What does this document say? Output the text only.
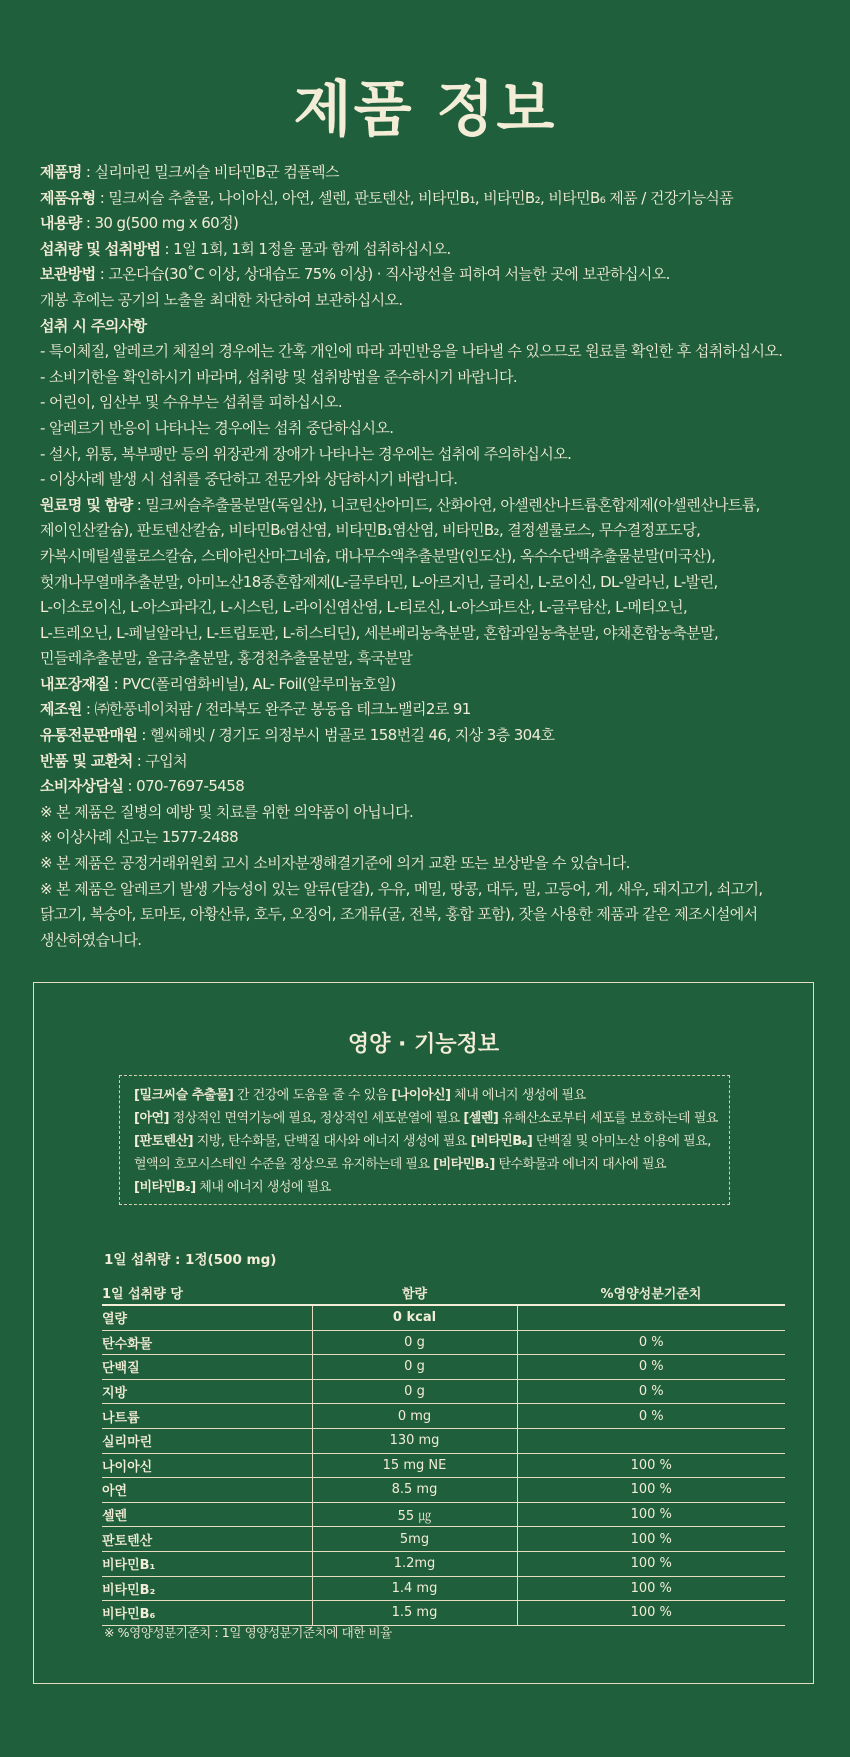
제품 정보
제품명 : 실리마린 밀크씨슬 비타민B군 컴플렉스
제품유형 : 밀크씨슬 추출물, 나이아신, 아연, 셀렌, 판토텐산, 비타민B₁, 비타민B₂, 비타민B₆ 제품 / 건강기능식품
내용량 : 30 g(500 mg x 60정)
섭취량 및 섭취방법 : 1일 1회, 1회 1정을 물과 함께 섭취하십시오.
보관방법 : 고온다습(30˚C 이상, 상대습도 75% 이상) · 직사광선을 피하여 서늘한 곳에 보관하십시오.
개봉 후에는 공기의 노출을 최대한 차단하여 보관하십시오.
섭취 시 주의사항
- 특이체질, 알레르기 체질의 경우에는 간혹 개인에 따라 과민반응을 나타낼 수 있으므로 원료를 확인한 후 섭취하십시오.
- 소비기한을 확인하시기 바라며, 섭취량 및 섭취방법을 준수하시기 바랍니다.
- 어린이, 임산부 및 수유부는 섭취를 피하십시오.
- 알레르기 반응이 나타나는 경우에는 섭취 중단하십시오.
- 설사, 위통, 복부팽만 등의 위장관계 장애가 나타나는 경우에는 섭취에 주의하십시오.
- 이상사례 발생 시 섭취를 중단하고 전문가와 상담하시기 바랍니다.
원료명 및 함량 : 밀크씨슬추출물분말(독일산), 니코틴산아미드, 산화아연, 아셀렌산나트륨혼합제제(아셀렌산나트륨,
제이인산칼슘), 판토텐산칼슘, 비타민B₆염산염, 비타민B₁염산염, 비타민B₂, 결정셀룰로스, 무수결정포도당,
카복시메틸셀룰로스칼슘, 스테아린산마그네슘, 대나무수액추출분말(인도산), 옥수수단백추출물분말(미국산),
헛개나무열매추출분말, 아미노산18종혼합제제(L-글루타민, L-아르지닌, 글리신, L-로이신, DL-알라닌, L-발린,
L-이소로이신, L-아스파라긴, L-시스틴, L-라이신염산염, L-티로신, L-아스파트산, L-글루탐산, L-메티오닌,
L-트레오닌, L-페닐알라닌, L-트립토판, L-히스티딘), 세븐베리농축분말, 혼합과일농축분말, 야채혼합농축분말,
민들레추출분말, 울금추출분말, 홍경천추출물분말, 흑국분말
내포장재질 : PVC(폴리염화비닐), AL- Foil(알루미늄호일)
제조원 : ㈜한풍네이처팜 / 전라북도 완주군 봉동읍 테크노밸리2로 91
유통전문판매원 : 헬씨해빗 / 경기도 의정부시 범골로 158번길 46, 지상 3층 304호
반품 및 교환처 : 구입처
소비자상담실 : 070-7697-5458
※ 본 제품은 질병의 예방 및 치료를 위한 의약품이 아닙니다.
※ 이상사례 신고는 1577-2488
※ 본 제품은 공정거래위원회 고시 소비자분쟁해결기준에 의거 교환 또는 보상받을 수 있습니다.
※ 본 제품은 알레르기 발생 가능성이 있는 알류(달걀), 우유, 메밀, 땅콩, 대두, 밀, 고등어, 게, 새우, 돼지고기, 쇠고기,
닭고기, 복숭아, 토마토, 아황산류, 호두, 오징어, 조개류(굴, 전복, 홍합 포함), 잣을 사용한 제품과 같은 제조시설에서
생산하였습니다.
영양 · 기능정보
[밀크씨슬 추출물] 간 건강에 도움을 줄 수 있음 [나이아신] 체내 에너지 생성에 필요
[아연] 정상적인 면역기능에 필요, 정상적인 세포분열에 필요 [셀렌] 유해산소로부터 세포를 보호하는데 필요
[판토텐산] 지방, 탄수화물, 단백질 대사와 에너지 생성에 필요 [비타민B₆] 단백질 및 아미노산 이용에 필요,
혈액의 호모시스테인 수준을 정상으로 유지하는데 필요 [비타민B₁] 탄수화물과 에너지 대사에 필요
[비타민B₂] 체내 에너지 생성에 필요
1일 섭취량 : 1정(500 mg)
1일 섭취량 당	함량	%영양성분기준치
열량	0 kcal	
탄수화물	0 g	0 %
단백질	0 g	0 %
지방	0 g	0 %
나트륨	0 mg	0 %
실리마린	130 mg	
나이아신	15 mg NE	100 %
아연	8.5 mg	100 %
셀렌	55 ㎍	100 %
판토텐산	5mg	100 %
비타민B₁	1.2mg	100 %
비타민B₂	1.4 mg	100 %
비타민B₆	1.5 mg	100 %
※ %영양성분기준치 : 1일 영양성분기준치에 대한 비율
